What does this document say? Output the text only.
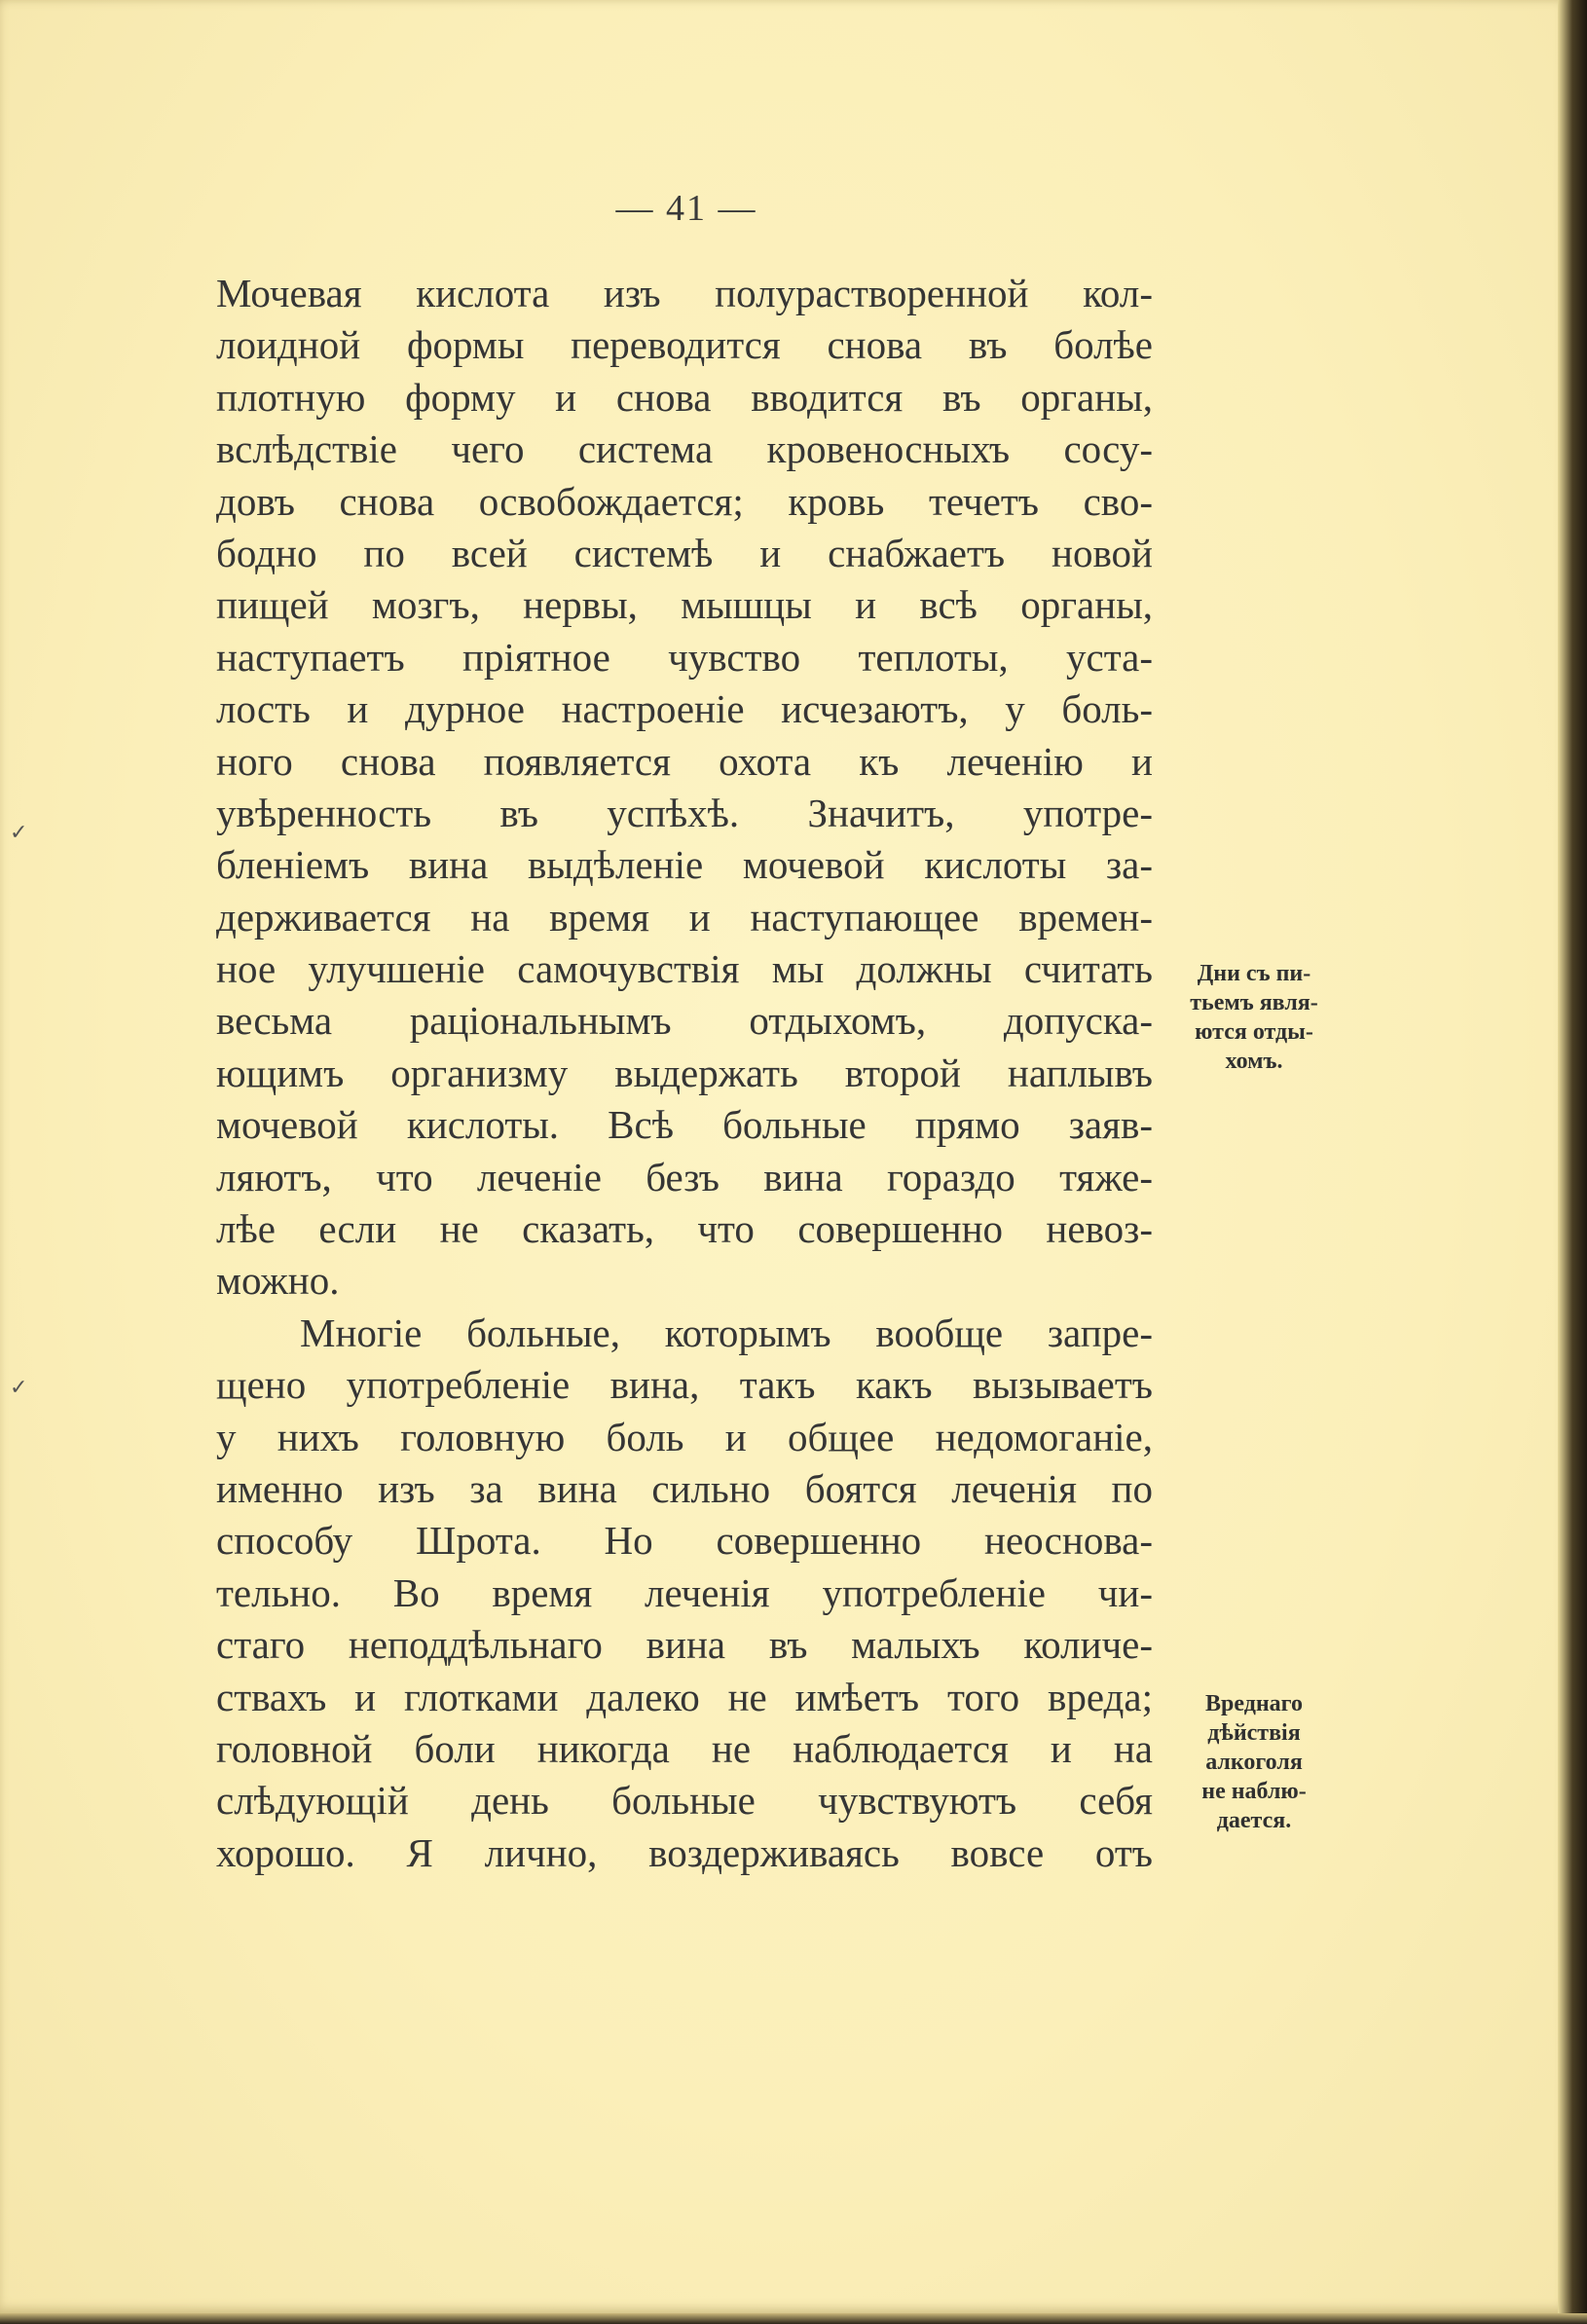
— 41 —
Мочевая кислота изъ полурастворенной кол-
лоидной формы переводится снова въ болѣе
плотную форму и снова вводится въ органы,
вслѣдствіе чего система кровеносныхъ сосу-
довъ снова освобождается; кровь течетъ сво-
бодно по всей системѣ и снабжаетъ новой
пищей мозгъ, нервы, мышцы и всѣ органы,
наступаетъ пріятное чувство теплоты, уста-
лость и дурное настроеніе исчезаютъ, у боль-
ного снова появляется охота къ леченію и
увѣренность въ успѣхѣ. Значитъ, употре-
бленіемъ вина выдѣленіе мочевой кислоты за-
держивается на время и наступающее времен-
ное улучшеніе самочувствія мы должны считать
весьма раціональнымъ отдыхомъ, допуска-
ющимъ организму выдержать второй наплывъ
мочевой кислоты. Всѣ больные прямо заяв-
ляютъ, что леченіе безъ вина гораздо тяже-
лѣе если не сказать, что совершенно невоз-
можно.
Многіе больные, которымъ вообще запре-
щено употребленіе вина, такъ какъ вызываетъ
у нихъ головную боль и общее недомоганіе,
именно изъ за вина сильно боятся леченія по
способу Шрота. Но совершенно неоснова-
тельно. Во время леченія употребленіе чи-
стаго неподдѣльнаго вина въ малыхъ количе-
ствахъ и глотками далеко не имѣетъ того вреда;
головной боли никогда не наблюдается и на
слѣдующій день больные чувствуютъ себя
хорошо. Я лично, воздерживаясь вовсе отъ
Дни съ пи-
тьемъ явля-
ются отды-
хомъ.
Вреднаго
дѣйствія
алкоголя
не наблю-
дается.
✓
✓
